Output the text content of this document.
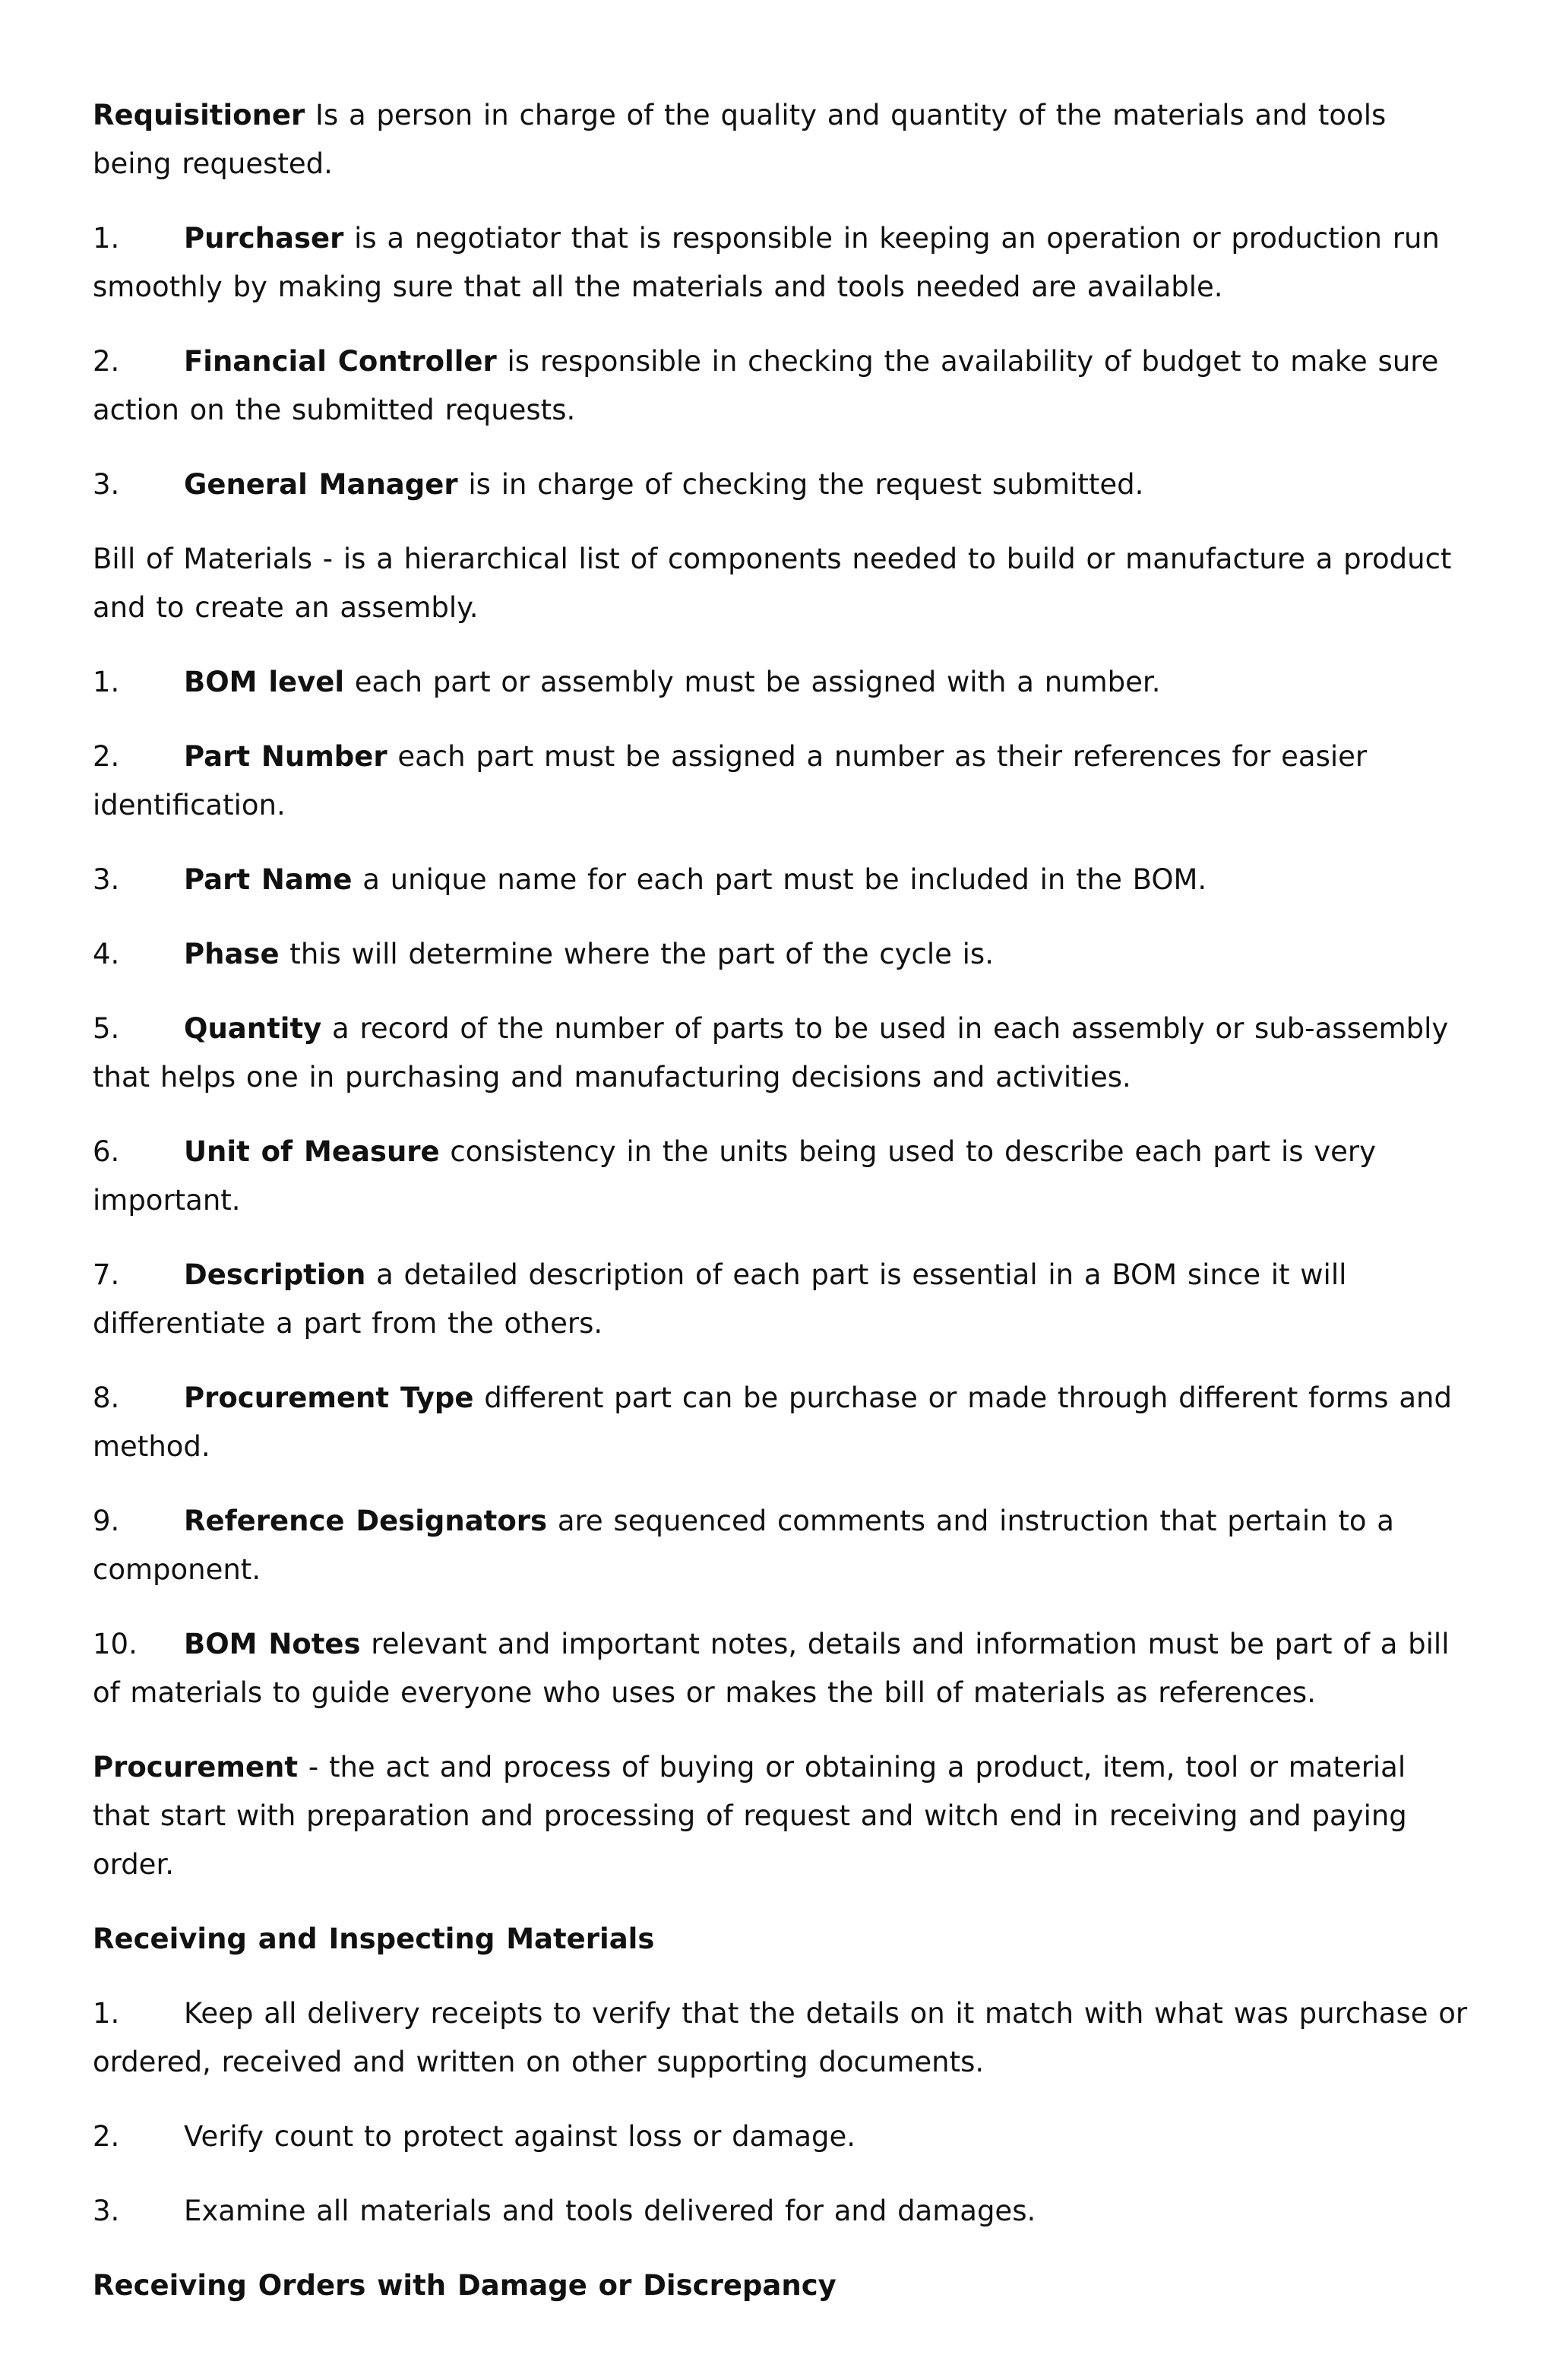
Requisitioner Is a person in charge of the quality and quantity of the materials and tools being requested.

1. Purchaser is a negotiator that is responsible in keeping an operation or production run smoothly by making sure that all the materials and tools needed are available.

2. Financial Controller is responsible in checking the availability of budget to make sure action on the submitted requests.

3. General Manager is in charge of checking the request submitted.

Bill of Materials - is a hierarchical list of components needed to build or manufacture a product and to create an assembly.

1. BOM level each part or assembly must be assigned with a number.

2. Part Number each part must be assigned a number as their references for easier identification.

3. Part Name a unique name for each part must be included in the BOM.

4. Phase this will determine where the part of the cycle is.

5. Quantity a record of the number of parts to be used in each assembly or sub-assembly that helps one in purchasing and manufacturing decisions and activities.

6. Unit of Measure consistency in the units being used to describe each part is very important.

7. Description a detailed description of each part is essential in a BOM since it will differentiate a part from the others.

8. Procurement Type different part can be purchase or made through different forms and method.

9. Reference Designators are sequenced comments and instruction that pertain to a component.

10. BOM Notes relevant and important notes, details and information must be part of a bill of materials to guide everyone who uses or makes the bill of materials as references.

Procurement - the act and process of buying or obtaining a product, item, tool or material that start with preparation and processing of request and witch end in receiving and paying order.

Receiving and Inspecting Materials

1. Keep all delivery receipts to verify that the details on it match with what was purchase or ordered, received and written on other supporting documents.

2. Verify count to protect against loss or damage.

3. Examine all materials and tools delivered for and damages.

Receiving Orders with Damage or Discrepancy
